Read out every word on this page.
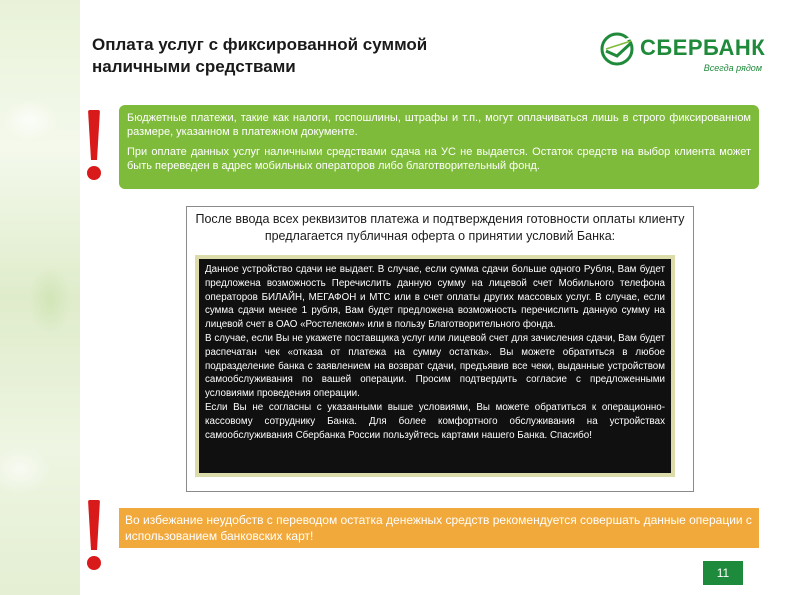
Оплата услуг с фиксированной суммой
наличными средствами
СБЕРБАНК
Всегда рядом

Бюджетные платежи, такие как налоги, госпошлины, штрафы и т.п., могут оплачиваться лишь в строго фиксированном размере, указанном в платежном документе.

При оплате данных услуг наличными средствами сдача на УС не выдается. Остаток средств на выбор клиента может быть переведен в адрес мобильных операторов либо благотворительный фонд.

После ввода всех реквизитов платежа и подтверждения готовности оплаты клиенту предлагается публичная оферта о принятии условий Банка:

Данное устройство сдачи не выдает. В случае, если сумма сдачи больше одного Рубля, Вам будет предложена возможность Перечислить данную сумму на лицевой счет Мобильного телефона операторов БИЛАЙН, МЕГАФОН и МТС или в счет оплаты других массовых услуг. В случае, если сумма сдачи менее 1 рубля, Вам будет предложена возможность перечислить данную сумму на лицевой счет в ОАО «Ростелеком» или в пользу Благотворительного фонда.

В случае, если Вы не укажете поставщика услуг или лицевой счет для зачисления сдачи, Вам будет распечатан чек «отказа от платежа на сумму остатка». Вы можете обратиться в любое подразделение банка с заявлением на возврат сдачи, предъявив все чеки, выданные устройством самообслуживания по вашей операции. Просим подтвердить согласие с предложенными условиями проведения операции.

Если Вы не согласны с указанными выше условиями, Вы можете обратиться к операционно-кассовому сотруднику Банка. Для более комфортного обслуживания на устройствах самообслуживания Сбербанка России пользуйтесь картами нашего Банка. Спасибо!

Во избежание неудобств с переводом остатка денежных средств рекомендуется совершать данные операции с использованием банковских карт!
11
